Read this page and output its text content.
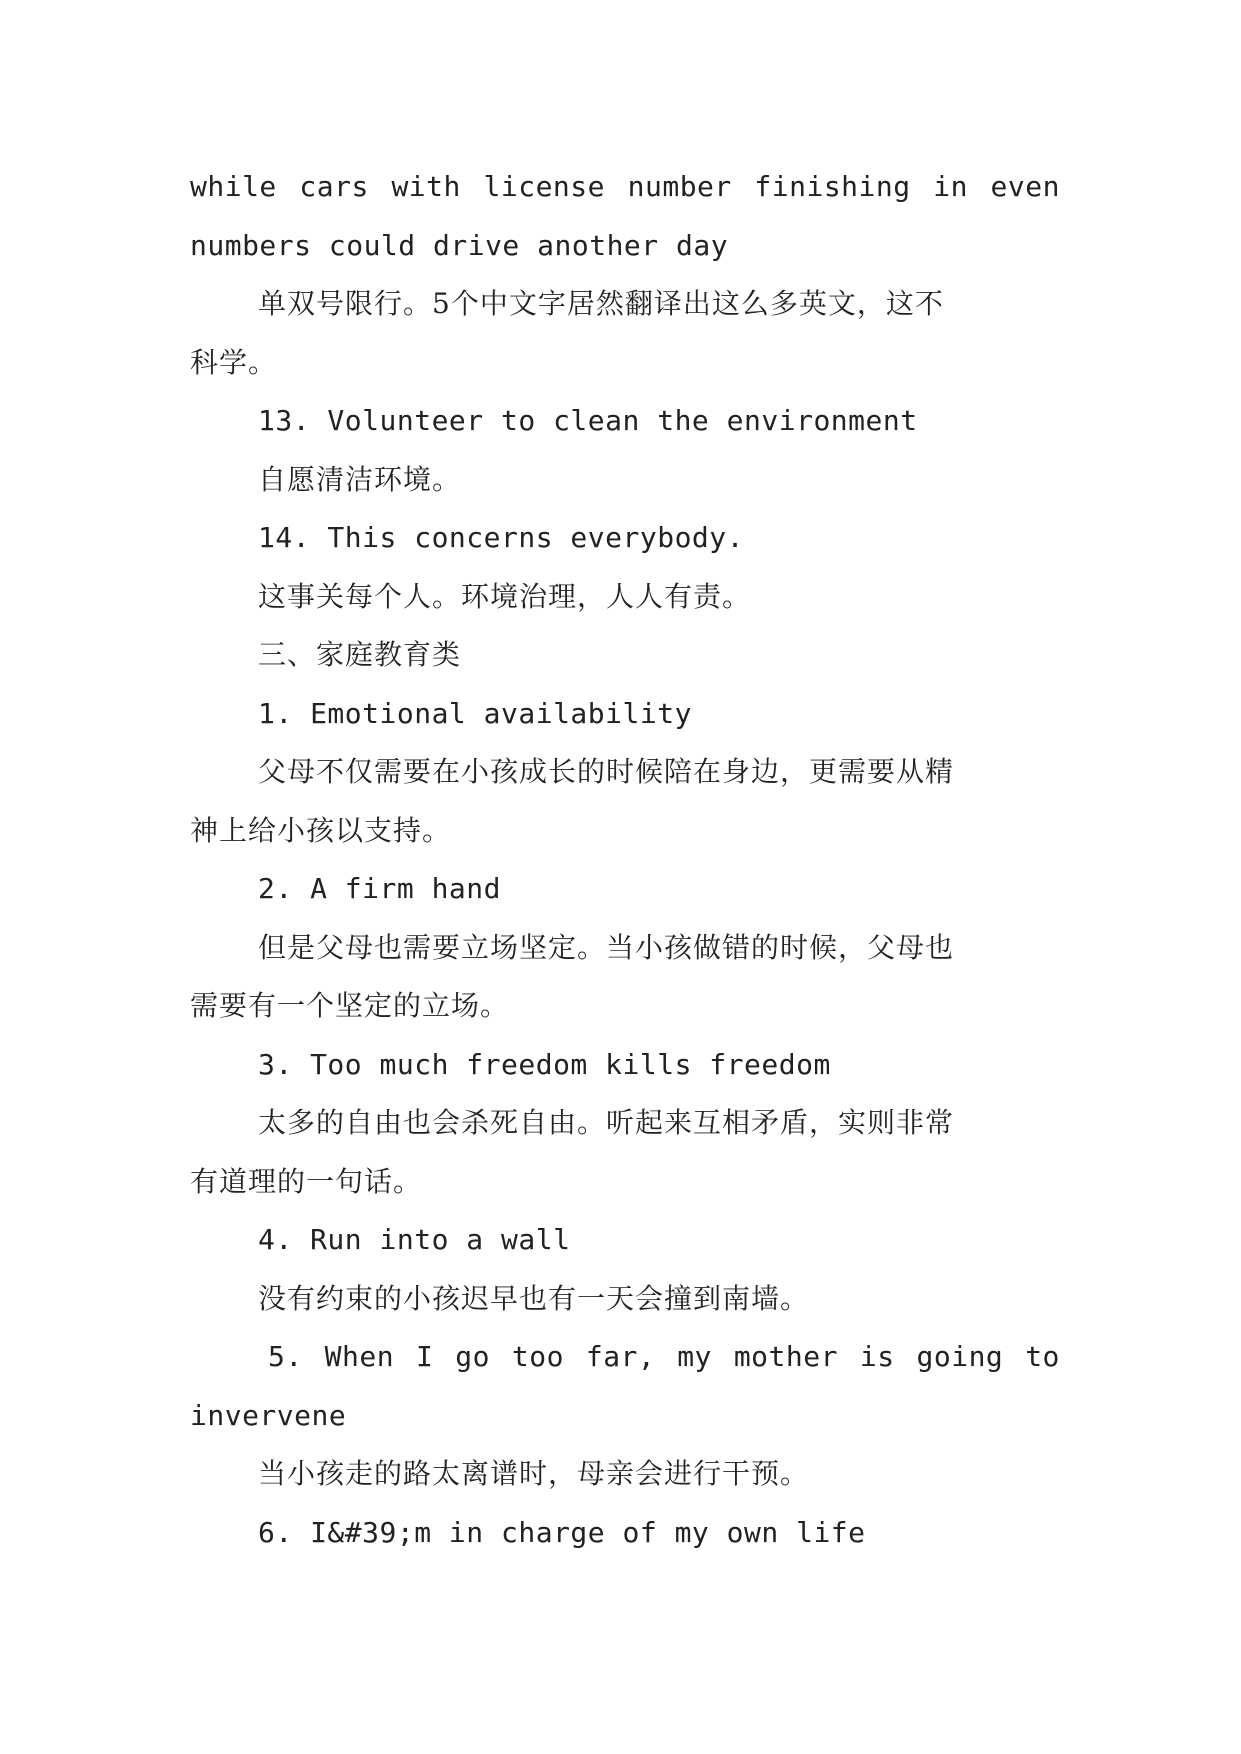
while cars with license number finishing in even
numbers could drive another day
单双号限行。5个中文字居然翻译出这么多英文，这不
科学。
13. Volunteer to clean the environment
自愿清洁环境。
14. This concerns everybody.
这事关每个人。环境治理，人人有责。
三、家庭教育类
1. Emotional availability
父母不仅需要在小孩成长的时候陪在身边，更需要从精
神上给小孩以支持。
2. A firm hand
但是父母也需要立场坚定。当小孩做错的时候，父母也
需要有一个坚定的立场。
3. Too much freedom kills freedom
太多的自由也会杀死自由。听起来互相矛盾，实则非常
有道理的一句话。
4. Run into a wall
没有约束的小孩迟早也有一天会撞到南墙。
5. When I go too far, my mother is going to
invervene
当小孩走的路太离谱时，母亲会进行干预。
6. I&#39;m in charge of my own life
